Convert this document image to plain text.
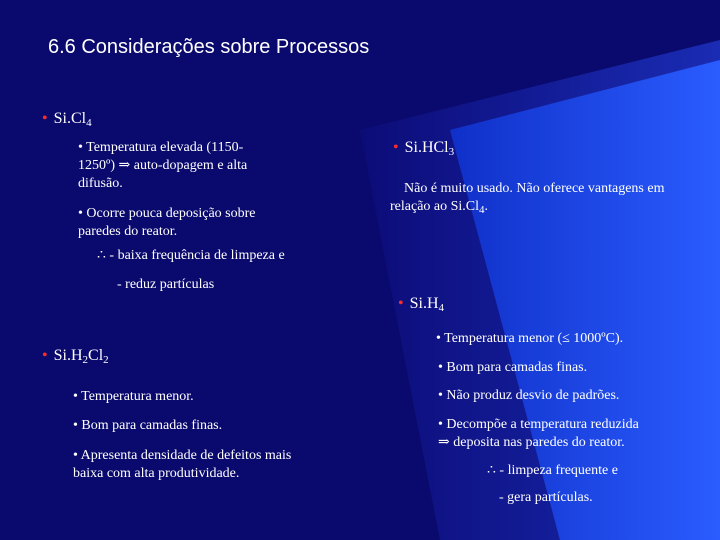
6.6 Considerações sobre Processos
• $Si.Cl_4$
• Temperatura elevada (1150-
1250º) ⇒ auto-dopagem e alta
difusão.
• Ocorre pouca deposição sobre
paredes do reator.
∴ - baixa frequência de limpeza e
- reduz partículas
• Si.HCl$_3$
Não é muito usado. Não oferece vantagens em
relação ao $Si.Cl_4$.
• $Si.H_4$
• Temperatura menor (≤ 1000ºC).
• Bom para camadas finas.
• Não produz desvio de padrões.
• Decompõe a temperatura reduzida
⇒ deposita nas paredes do reator.
∴ - limpeza frequente e
- gera partículas.
• $Si.H_2Cl_2$
• Temperatura menor.
• Bom para camadas finas.
• Apresenta densidade de defeitos mais
baixa com alta produtividade.
